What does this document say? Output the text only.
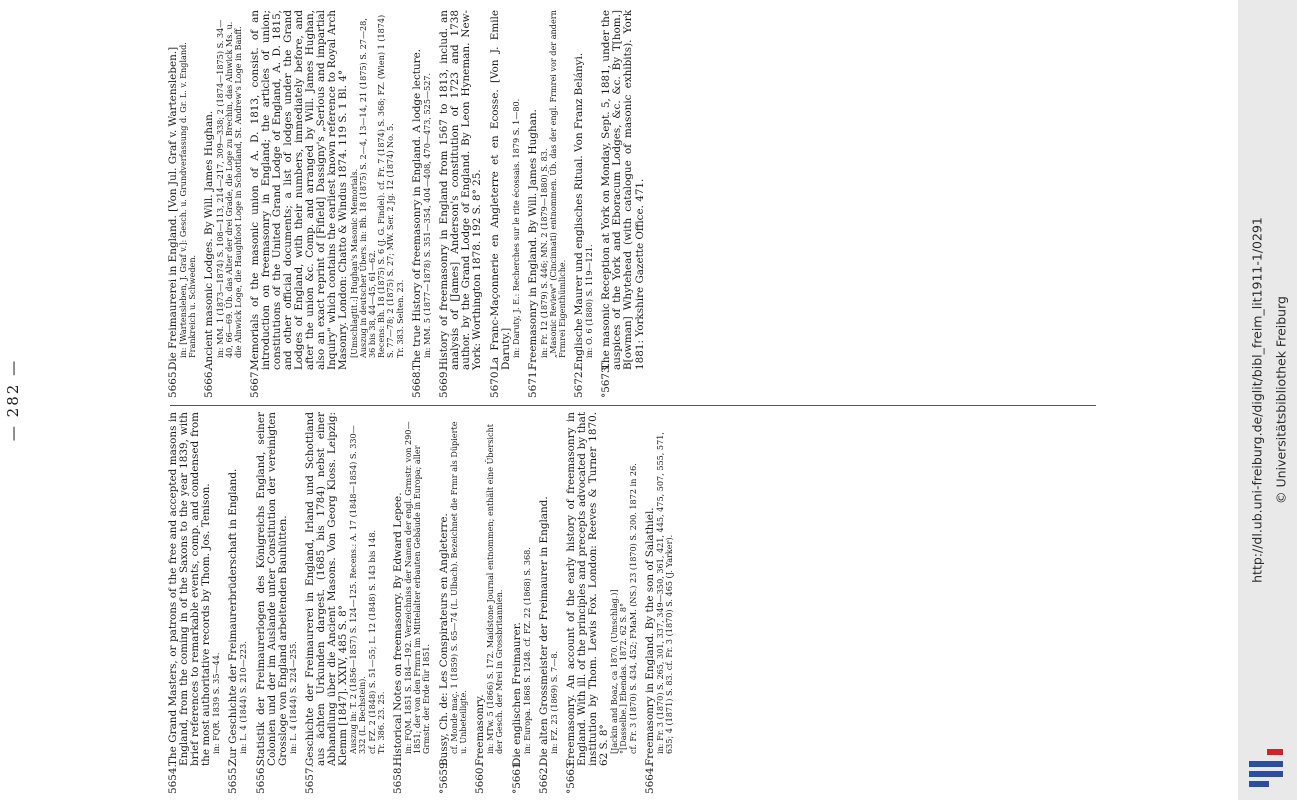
— 282 —
5654.

The Grand Masters, or patrons of the free and accepted masons in England, from the coming in of the Saxons to the year 1839, with brief references to remarkable events, comp. and condensed from the most authoritative records by Thom. Jos. Tenison. in: FQR. 1839 S. 35—44.

5655.

Zur Geschichte der Freimaurerbrüderschaft in England. in: L. 4 (1844) S. 210—223.

5656.

Statistik der Freimaurerlogen des Königreichs England, seiner Colonien und der im Auslande unter Constitution der vereinigten Grossloge von England arbeitenden Bauhütten. in: L. 4 (1844) S. 224—255.

5657.

Geschichte der Freimaurerei in England, Irland und Schottland aus ächten Urkunden dargest. (1685 bis 1784) nebst einer Abhandlung über die Ancient Masons. Von Georg Kloss. Leipzig: Klemm [1847]. XXIV, 485 S. 8° Auszug in: T. 2 (1856—1857) S. 124—125. Recens.: A. 17 (1848—1854) S. 330—332 (L. Bechstein). cf. FZ. 2 (1848) S. 51—55; L. 12 (1848) S. 143 bis 148. Tr. 386. 23. 25.

5658.

Historical Notes on freemasonry. By Edward Lepee. in: FQM. 1851 S. 184—192. Verzeichniss der Namen der engl. Grmstr. von 290—1851; der von den Frmrn im Mittelalter erbauten Gebäude in Europa; aller Grmstr. der Erde für 1851.

°5659.

Bussy, Ch. de: Les Conspirateurs en Angleterre. cf. Monde maç. 1 (1859) S. 65—74 (L. Ulbach). Bezeichnet die Frmr als Düpierte u. Unbeteiligte.

5660.

Freemasonry. in: MTw. 5 (1866) S. 172. Maidstone Journal entnommen; enthält eine Übersicht der Gesch. der Mrei in Grossbritannien.

°5661.

Die englischen Freimaurer. in: Europa. 1868 S. 1248. cf. FZ. 22 (1868) S. 368.

5662.

Die alten Grossmeister der Freimaurer in England. in: FZ. 23 (1869) S. 7—8.

°5663.

Freemasonry. An account of the early history of freemasonry in England. With ill. of the principles and precepts advocated by that institution by Thom. Lewis Fox. London: Reeves & Turner 1870. 62 S. 8° [Jackin and Boaz, ca 1870. (Umschlag.)] °[Dasselbe.] Ebendas. 1872. 62 S. 8° cf. Fr. 3 (1870) S. 434, 452; FMaM. (NS.) 23 (1870) S. 200. 1872 in 26.

5664.

Freemasonry in England. By the son of Salathiel. in: Fr. 3 (1870) S. 265, 301, 337, 349—350, 361, 421, 445, 475, 507, 555, 571, 635; 4 (1871) S. 83. cf. Fr. 3 (1870) S. 465 (J. Yarker).

5665.

Die Freimaurerei in England. [Von Jul. Graf v. Wartensleben.] in: [Wartensleben, J. Graf v.]: Gesch. u. Grundverfassung d. Gr. L. v. England. Frankreich u. Schweden.

5666.

Ancient masonic Lodges. By Will. James Hughan. in: MM. 1 (1873—1874) S. 108—113, 214—217, 309—338; 2 (1874—1875) S. 34—40, 66—69. Üb. das Alter der drei Grade, die Loge zu Brechin, das Alnwick Ms. u. die Alnwick Loge, die Haughfoot Loge in Schottland, St. Andrew's Loge in Banff.

5667.

Memorials of the masonic union of A. D. 1813, consist. of an introduction on freemasonry in England; the articles of union; constitutions of the United Grand Lodge of England, A. D. 1815, and other official documents; a list of lodges under the Grand Lodges of England, with their numbers, immediately before, and after the union &c. Comp. and arranged by Will. James Hughan, also an exact reprint of [Fifield] Dassigny's „Serious and impartial Inquiry" which contains the earliest known reference to Royal Arch Masonry. London: Chatto & Windus 1874. 119 S. 1 Bl. 4° [Umschlagtit.:] Hughan's Masonic Memorials. Auszug in deutscher Übers. in: Bh. 18 (1875) S. 2—4, 13—14, 21 (1875) S. 27—28, 36 bis 38, 44—45, 61—62. Recens: Bh. 18 (1875) S. 6 (J. G. Findel). cf. Fr. 7 (1874) S. 368; FZ. (Wien) 1 (1874) S. 77—78; 2 (1875) S. 27; MW. Ser. 2 Jg. 12 (1874) No. 5. Tr. 383. Selten. 23.

5668.

The true History of freemasonry in England. A lodge lecture. in: MM. 5 (1877—1878) S. 351—354, 404—408, 470—473, 525—527.

5669.

History of freemasonry in England from 1567 to 1813, includ. an analysis of [James] Anderson's constitution of 1723 and 1738 author. by the Grand Lodge of England. By Leon Hyneman. New-York: Worthington 1878. 192 S. 8° 25.

5670.

La Franc-Maçonnerie en Angleterre et en Ecosse. [Von J. Emile Daruty.] in: Daruty, J. E.: Recherches sur le rite écossais. 1879 S. 1—80.

5671.

Freemasonry in England. By Will. James Hughan. in: Fr. 12 (1879) S. 446; MN. 2 (1879—1880) S. 83. „Masonic Review" (Cincinnati) entnommen. Üb. das der engl. Frmrei vor der andern Frmrei Eigenthümliche.

5672.

Englische Maurer und englisches Ritual. Von Franz Belányi. in: O. 6 (1880) S. 119—121.

°5673.

The masonic Reception at York on Monday, Sept. 5, 1881, under the auspices of the York and Eboracum Lodges, &c. &c. By T[hom.] B[owman] Whytehead (with catalogue of masonic exhibits). York 1881: Yorkshire Gazette Office. 471.	http://dl.ub.uni-freiburg.de/diglit/bibl_freim_lit1911-1/0291 © Universitätsbibliothek Freiburg
